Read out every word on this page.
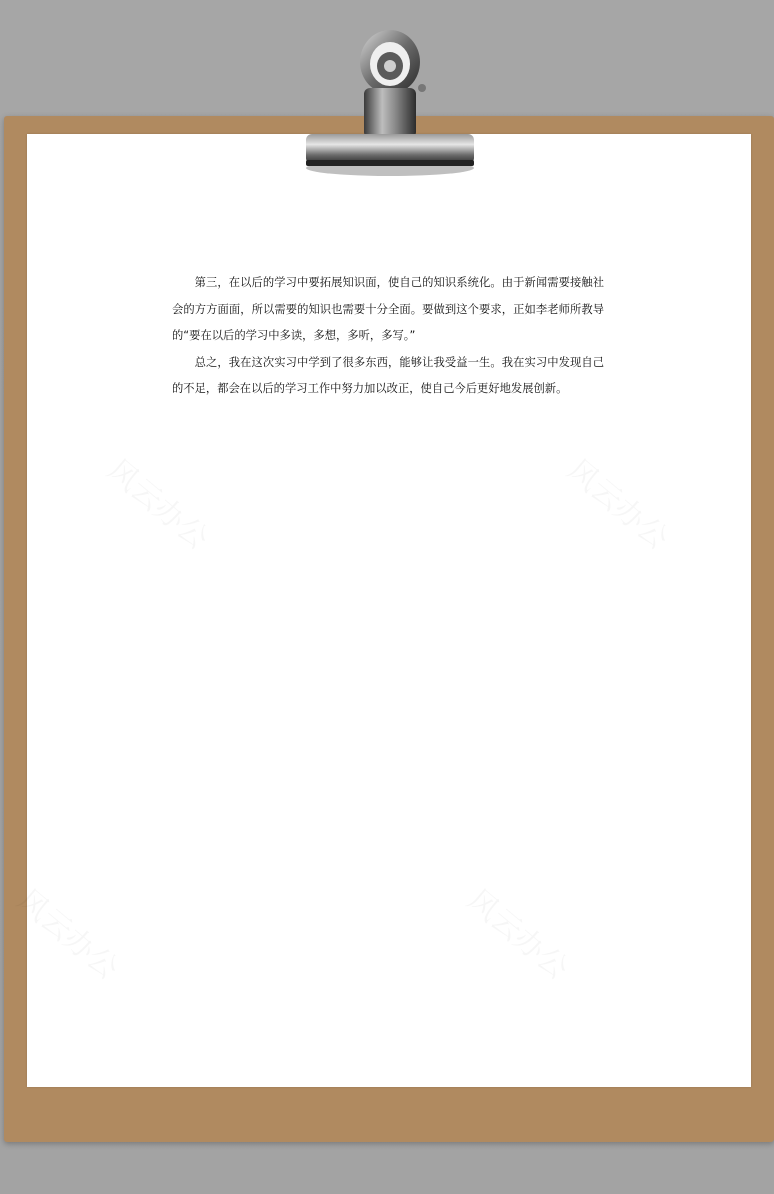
第三，在以后的学习中要拓展知识面，使自己的知识系统化。由于新闻需要接触社会的方方面面，所以需要的知识也需要十分全面。要做到这个要求，正如李老师所教导的“要在以后的学习中多读，多想，多听，多写。”

总之，我在这次实习中学到了很多东西，能够让我受益一生。我在实习中发现自己的不足，都会在以后的学习工作中努力加以改正，使自己今后更好地发展创新。
